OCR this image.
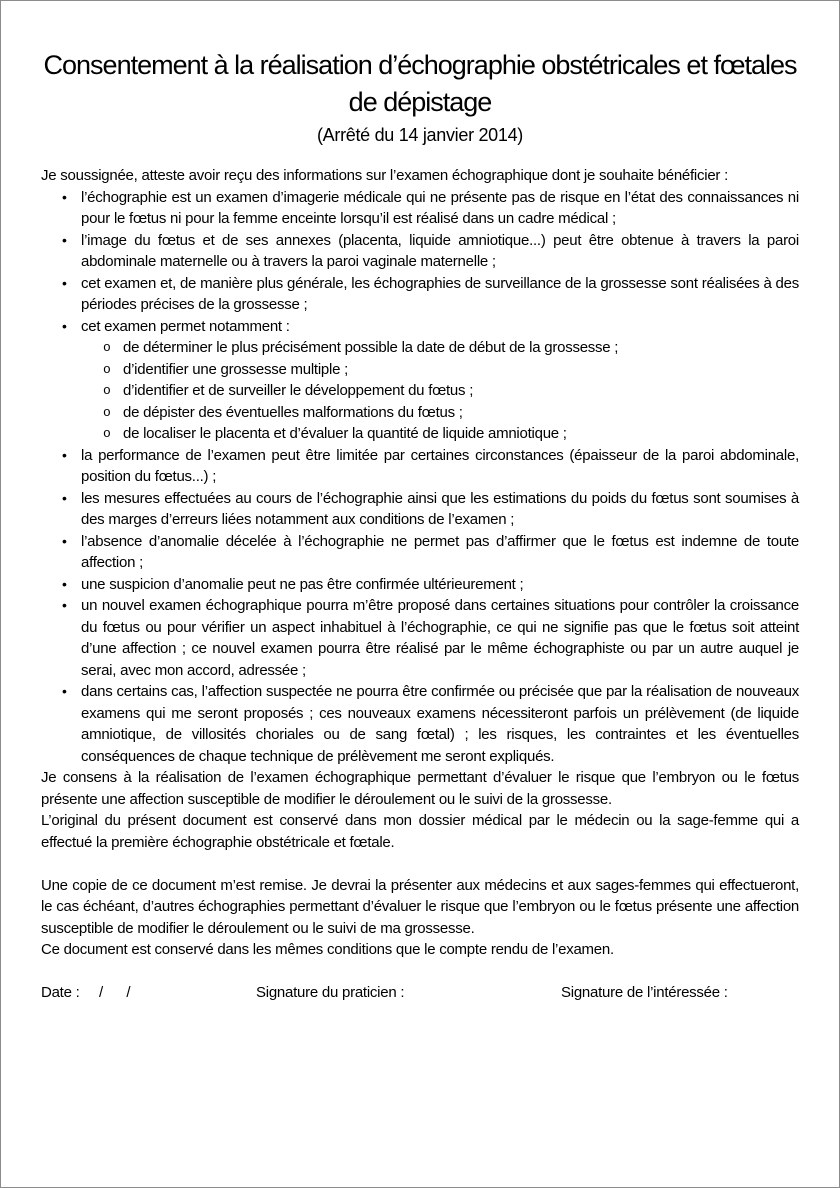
Consentement à la réalisation d’échographie obstétricales et fœtales
de dépistage
(Arrêté du 14 janvier 2014)

Je soussignée, atteste avoir reçu des informations sur l’examen échographique dont je souhaite bénéficier :

• l’échographie est un examen d’imagerie médicale qui ne présente pas de risque en l’état des connaissances ni pour le fœtus ni pour la femme enceinte lorsqu’il est réalisé dans un cadre médical ;
• l’image du fœtus et de ses annexes (placenta, liquide amniotique...) peut être obtenue à travers la paroi abdominale maternelle ou à travers la paroi vaginale maternelle ;
• cet examen et, de manière plus générale, les échographies de surveillance de la grossesse sont réalisées à des périodes précises de la grossesse ;
• cet examen permet notamment :
o de déterminer le plus précisément possible la date de début de la grossesse ;
o d’identifier une grossesse multiple ;
o d’identifier et de surveiller le développement du fœtus ;
o de dépister des éventuelles malformations du fœtus ;
o de localiser le placenta et d’évaluer la quantité de liquide amniotique ;
• la performance de l’examen peut être limitée par certaines circonstances (épaisseur de la paroi abdominale, position du fœtus...) ;
• les mesures effectuées au cours de l’échographie ainsi que les estimations du poids du fœtus sont soumises à des marges d’erreurs liées notamment aux conditions de l’examen ;
• l’absence d’anomalie décelée à l’échographie ne permet pas d’affirmer que le fœtus est indemne de toute affection ;
• une suspicion d’anomalie peut ne pas être confirmée ultérieurement ;
• un nouvel examen échographique pourra m’être proposé dans certaines situations pour contrôler la croissance du fœtus ou pour vérifier un aspect inhabituel à l’échographie, ce qui ne signifie pas que le fœtus soit atteint d’une affection ; ce nouvel examen pourra être réalisé par le même échographiste ou par un autre auquel je serai, avec mon accord, adressée ;
• dans certains cas, l’affection suspectée ne pourra être confirmée ou précisée que par la réalisation de nouveaux examens qui me seront proposés ; ces nouveaux examens nécessiteront parfois un prélèvement (de liquide amniotique, de villosités choriales ou de sang fœtal) ; les risques, les contraintes et les éventuelles conséquences de chaque technique de prélèvement me seront expliqués.

Je consens à la réalisation de l’examen échographique permettant d’évaluer le risque que l’embryon ou le fœtus présente une affection susceptible de modifier le déroulement ou le suivi de la grossesse.

L’original du présent document est conservé dans mon dossier médical par le médecin ou la sage-femme qui a effectué la première échographie obstétricale et fœtale.

Une copie de ce document m’est remise. Je devrai la présenter aux médecins et aux sages-femmes qui effectueront, le cas échéant, d’autres échographies permettant d’évaluer le risque que l’embryon ou le fœtus présente une affection susceptible de modifier le déroulement ou le suivi de ma grossesse.

Ce document est conservé dans les mêmes conditions que le compte rendu de l’examen.

Date : /      /	Signature du praticien :	Signature de l’intéressée :
